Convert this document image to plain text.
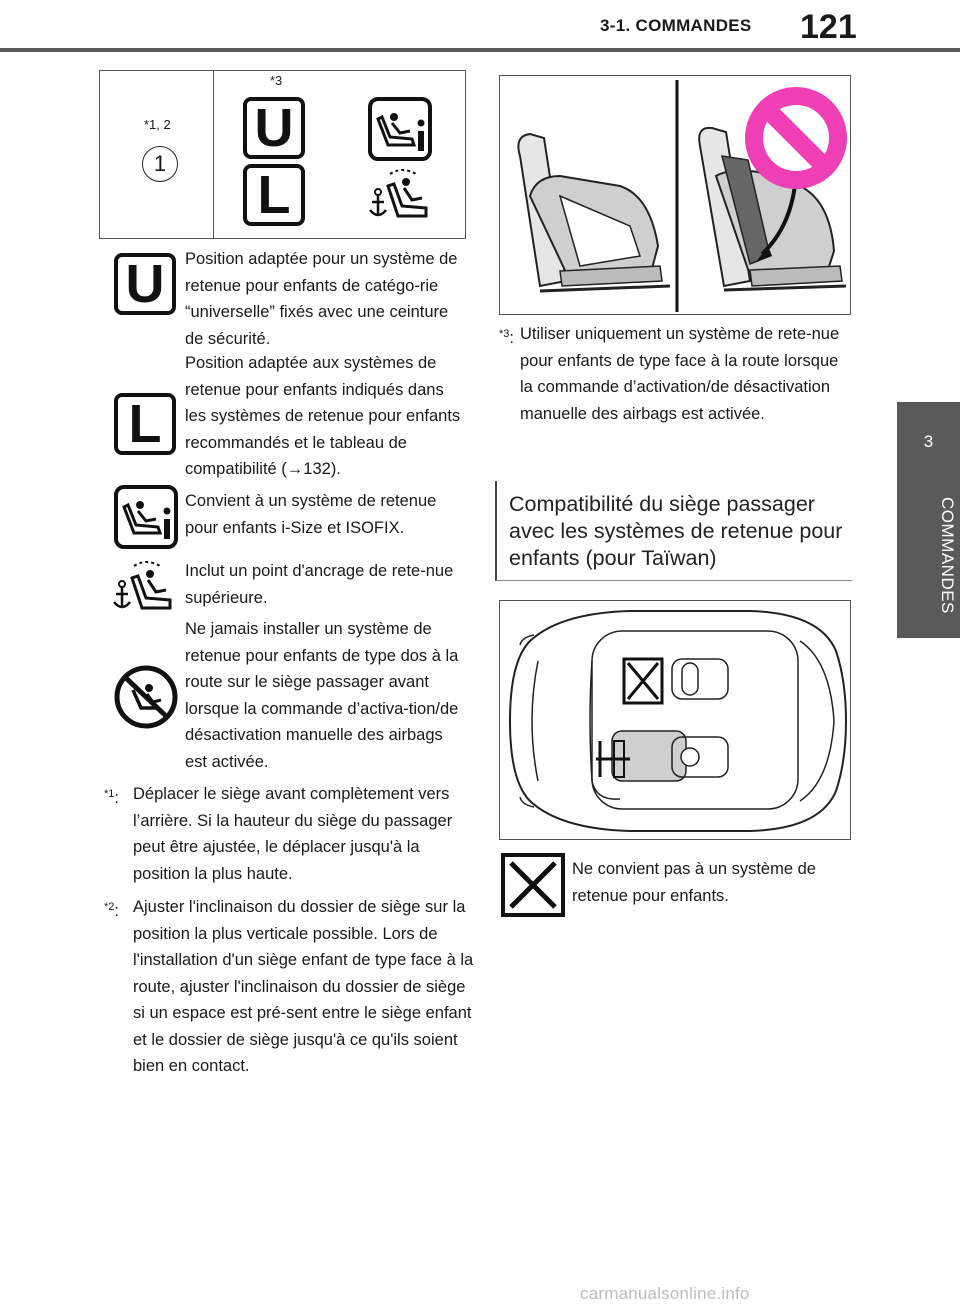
3-1. COMMANDES 121
3
COMMANDES
*1, 2
*3
1
U
L
U	Position adaptée pour un système de retenue pour enfants de catégo-rie “universelle” fixés avec une ceinture de sécurité.
L
Position adaptée aux systèmes de retenue pour enfants indiqués dans les systèmes de retenue pour enfants recommandés et le tableau de compatibilité (→132).
Convient à un système de retenue pour enfants i-Size et ISOFIX.
Inclut un point d'ancrage de rete-nue supérieure.
Ne jamais installer un système de retenue pour enfants de type dos à la route sur le siège passager avant lorsque la commande d’activa-tion/de désactivation manuelle des airbags est activée.
$^{*1}$: Déplacer le siège avant complètement vers l’arrière. Si la hauteur du siège du passager peut être ajustée, le déplacer jusqu'à la position la plus haute.
$^{*2}$: Ajuster l'inclinaison du dossier de siège sur la position la plus verticale possible. Lors de l'installation d'un siège enfant de type face à la route, ajuster l'inclinaison du dossier de siège si un espace est pré-sent entre le siège enfant et le dossier de siège jusqu'à ce qu'ils soient bien en contact.
$^{*3}$: Utiliser uniquement un système de rete-nue pour enfants de type face à la route lorsque la commande d’activation/de désactivation manuelle des airbags est activée.
Compatibilité du siège passager avec les systèmes de retenue pour enfants (pour Taïwan)
Ne convient pas à un système de retenue pour enfants.
carmanualsonline.info
